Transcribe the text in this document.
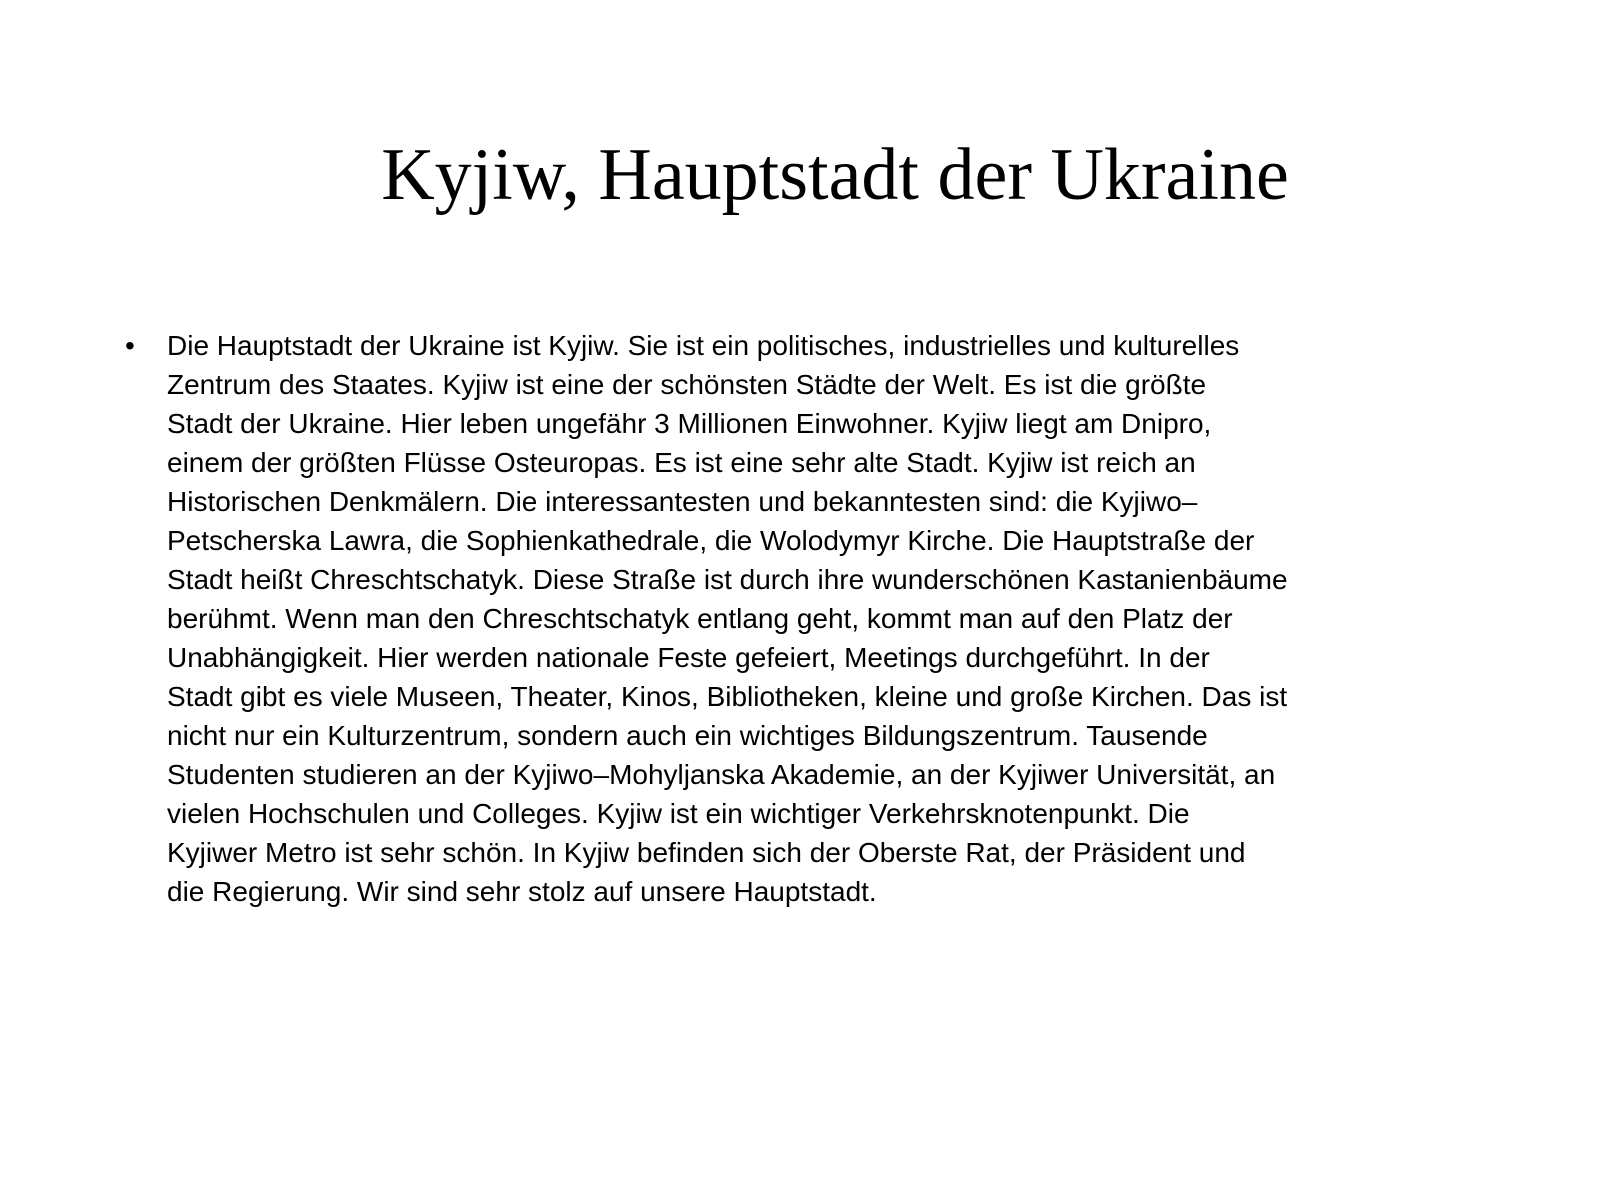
Kyjiw, Hauptstadt der Ukraine
•	Die Hauptstadt der Ukraine ist Kyjiw. Sie ist ein politisches, industrielles und kulturelles
Zentrum des Staates. Kyjiw ist eine der schönsten Städte der Welt. Es ist die größte
Stadt der Ukraine. Hier leben ungefähr 3 Millionen Einwohner. Kyjiw liegt am Dnipro,
einem der größten Flüsse Osteuropas. Es ist eine sehr alte Stadt. Kyjiw ist reich an
Historischen Denkmälern. Die interessantesten und bekanntesten sind: die Kyjiwo–
Petscherska Lawra, die Sophienkathedrale, die Wolodymyr Kirche. Die Hauptstraße der
Stadt heißt Chreschtschatyk. Diese Straße ist durch ihre wunderschönen Kastanienbäume
berühmt. Wenn man den Chreschtschatyk entlang geht, kommt man auf den Platz der
Unabhängigkeit. Hier werden nationale Feste gefeiert, Meetings durchgeführt. In der
Stadt gibt es viele Museen, Theater, Kinos, Bibliotheken, kleine und große Kirchen. Das ist
nicht nur ein Kulturzentrum, sondern auch ein wichtiges Bildungszentrum. Tausende
Studenten studieren an der Kyjiwo–Mohyljanska Akademie, an der Kyjiwer Universität, an
vielen Hochschulen und Colleges. Kyjiw ist ein wichtiger Verkehrsknotenpunkt. Die
Kyjiwer Metro ist sehr schön. In Kyjiw befinden sich der Oberste Rat, der Präsident und
die Regierung. Wir sind sehr stolz auf unsere Hauptstadt.
